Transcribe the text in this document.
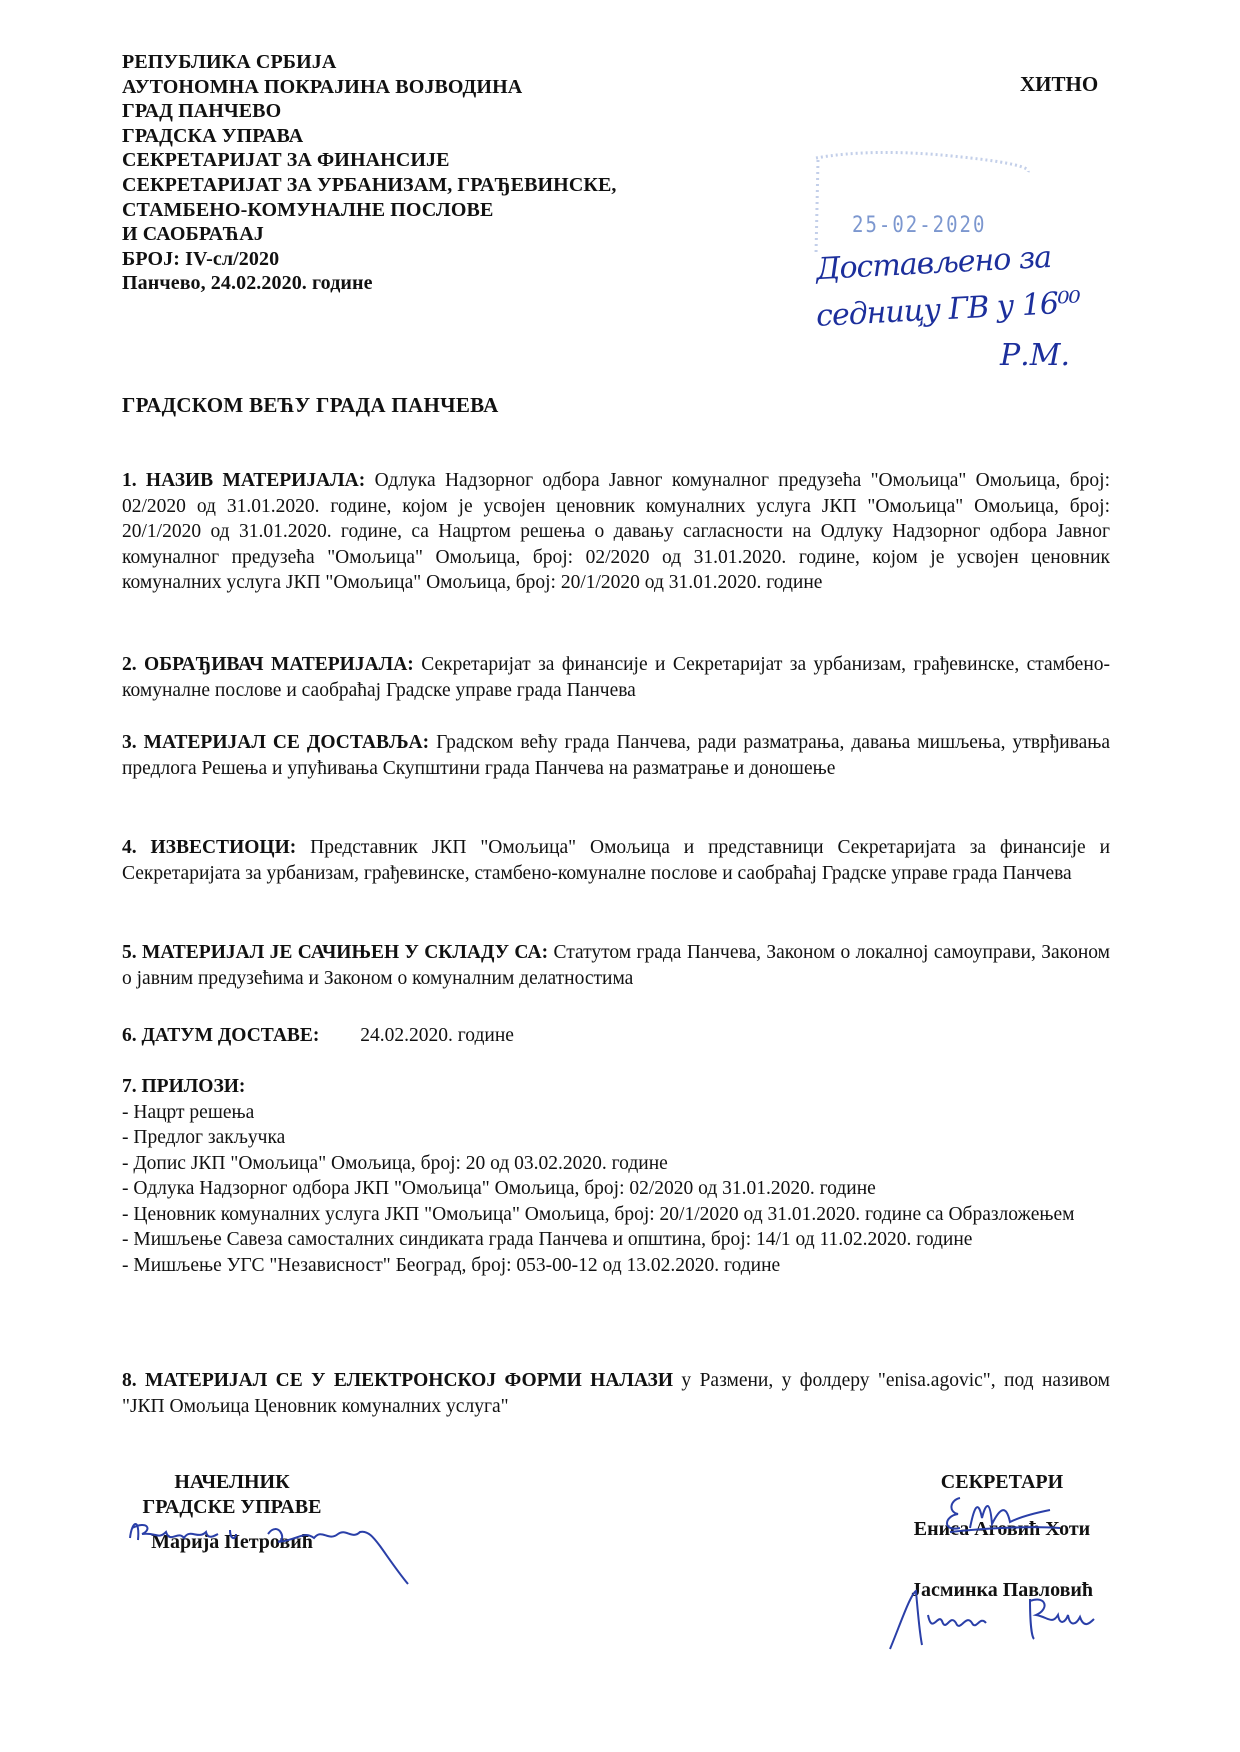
РЕПУБЛИКА СРБИЈА
АУТОНОМНА ПОКРАЈИНА ВОЈВОДИНА
ГРАД ПАНЧЕВО
ГРАДСКА УПРАВА
СЕКРЕТАРИЈАТ ЗА ФИНАНСИЈЕ
СЕКРЕТАРИЈАТ ЗА УРБАНИЗАМ, ГРАЂЕВИНСКЕ,
СТАМБЕНО-КОМУНАЛНЕ ПОСЛОВЕ
И САОБРАЋАЈ
БРОЈ: IV-сл/2020
Панчево, 24.02.2020. године
ХИТНО
25-02-2020
Достављено за
седницу ГВ у 16⁰⁰
Р.М.
ГРАДСКОМ ВЕЋУ ГРАДА ПАНЧЕВА
1. НАЗИВ МАТЕРИЈАЛА: Одлука Надзорног одбора Јавног комуналног предузећа "Омољица" Омољица, број: 02/2020 од 31.01.2020. године, којом је усвојен ценовник комуналних услуга ЈКП "Омољица" Омољица, број: 20/1/2020 од 31.01.2020. године, са Нацртом решења о давању сагласности на Одлуку Надзорног одбора Јавног комуналног предузећа "Омољица" Омољица, број: 02/2020 од 31.01.2020. године, којом је усвојен ценовник комуналних услуга ЈКП "Омољица" Омољица, број: 20/1/2020 од 31.01.2020. године
2. ОБРАЂИВАЧ МАТЕРИЈАЛА: Секретаријат за финансије и Секретаријат за урбанизам, грађевинске, стамбено-комуналне послове и саобраћај Градске управе града Панчева
3. МАТЕРИЈАЛ СЕ ДОСТАВЉА: Градском већу града Панчева, ради разматрања, давања мишљења, утврђивања предлога Решења и упућивања Скупштини града Панчева на разматрање и доношење
4. ИЗВЕСТИОЦИ: Представник ЈКП "Омољица" Омољица и представници Секретаријата за финансије и Секретаријата за урбанизам, грађевинске, стамбено-комуналне послове и саобраћај Градске управе града Панчева
5. МАТЕРИЈАЛ ЈЕ САЧИЊЕН У СКЛАДУ СА: Статутом града Панчева, Законом о локалној самоуправи, Законом о јавним предузећима и Законом о комуналним делатностима
6. ДАТУМ ДОСТАВЕ: 24.02.2020. године
7. ПРИЛОЗИ:
- Нацрт решења
- Предлог закључка
- Допис ЈКП "Омољица" Омољица, број: 20 од 03.02.2020. године
- Одлука Надзорног одбора ЈКП "Омољица" Омољица, број: 02/2020 од 31.01.2020. године
- Ценовник комуналних услуга ЈКП "Омољица" Омољица, број: 20/1/2020 од 31.01.2020. године са Образложењем
- Мишљење Савеза самосталних синдиката града Панчева и општина, број: 14/1 од 11.02.2020. године
- Мишљење УГС "Независност" Београд, број: 053-00-12 од 13.02.2020. године
8. МАТЕРИЈАЛ СЕ У ЕЛЕКТРОНСКОЈ ФОРМИ НАЛАЗИ у Размени, у фолдеру "enisa.agovic", под називом "ЈКП Омољица Ценовник комуналних услуга"
НАЧЕЛНИК
ГРАДСКЕ УПРАВЕ
Марија Петровић
СЕКРЕТАРИ
Ениса Аговић Хоти
Јасминка Павловић
